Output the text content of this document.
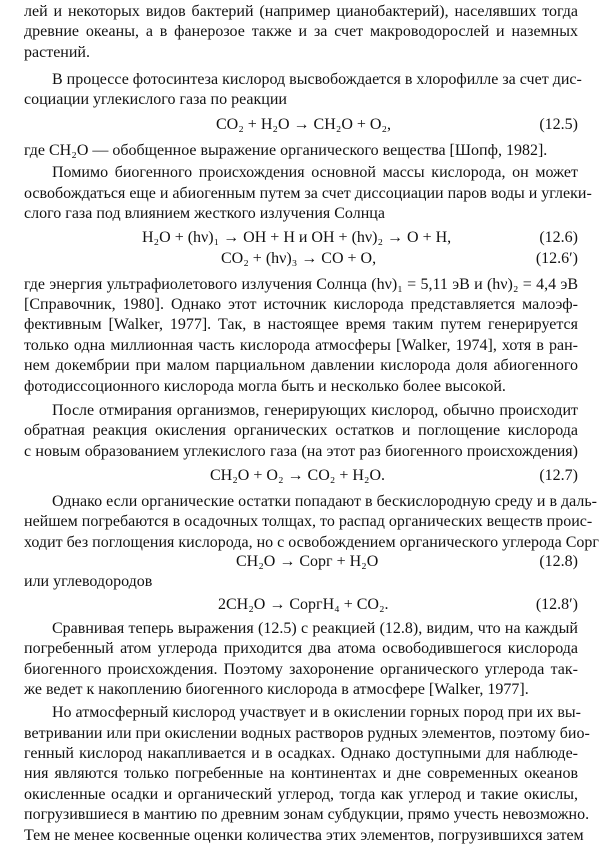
лей и некоторых видов бактерий (например цианобактерий), населявших тогда
древние океаны, а в фанерозое также и за счет макроводорослей и наземных
растений.
В процессе фотосинтеза кислород высвобождается в хлорофилле за счет дис-
социации углекислого газа по реакции
CO₂ + H₂O → CH₂O + O₂,	(12.5)
где CH₂O — обобщенное выражение органического вещества [Шопф, 1982].
Помимо биогенного происхождения основной массы кислорода, он может
освобождаться еще и абиогенным путем за счет диссоциации паров воды и углеки-
слого газа под влиянием жесткого излучения Солнца
H₂O + (hν)₁ → OH + H и OH + (hν)₂ → O + H,	(12.6)
CO₂ + (hν)₃ → CO + O,	(12.6′)
где энергия ультрафиолетового излучения Солнца (hν)₁ = 5,11 эВ и (hν)₂ = 4,4 эВ
[Справочник, 1980]. Однако этот источник кислорода представляется малоэф-
фективным [Walker, 1977]. Так, в настоящее время таким путем генерируется
только одна миллионная часть кислорода атмосферы [Walker, 1974], хотя в ран-
нем докембрии при малом парциальном давлении кислорода доля абиогенного
фотодиссоционного кислорода могла быть и несколько более высокой.
После отмирания организмов, генерирующих кислород, обычно происходит
обратная реакция окисления органических остатков и поглощение кислорода
с новым образованием углекислого газа (на этот раз биогенного происхождения)
CH₂O + O₂ → CO₂ + H₂O.	(12.7)
Однако если органические остатки попадают в бескислородную среду и в даль-
нейшем погребаются в осадочных толщах, то распад органических веществ проис-
ходит без поглощения кислорода, но с освобождением органического углерода Cорг
CH₂O → Cорг + H₂O	(12.8)
или углеводородов
2CH₂O → CоргH₄ + CO₂.	(12.8′)
Сравнивая теперь выражения (12.5) с реакцией (12.8), видим, что на каждый
погребенный атом углерода приходится два атома освободившегося кислорода
биогенного происхождения. Поэтому захоронение органического углерода так-
же ведет к накоплению биогенного кислорода в атмосфере [Walker, 1977].
Но атмосферный кислород участвует и в окислении горных пород при их вы-
ветривании или при окислении водных растворов рудных элементов, поэтому био-
генный кислород накапливается и в осадках. Однако доступными для наблюде-
ния являются только погребенные на континентах и дне современных океанов
окисленные осадки и органический углерод, тогда как углерод и такие окислы,
погрузившиеся в мантию по древним зонам субдукции, прямо учесть невозможно.
Тем не менее косвенные оценки количества этих элементов, погрузившихся затем
